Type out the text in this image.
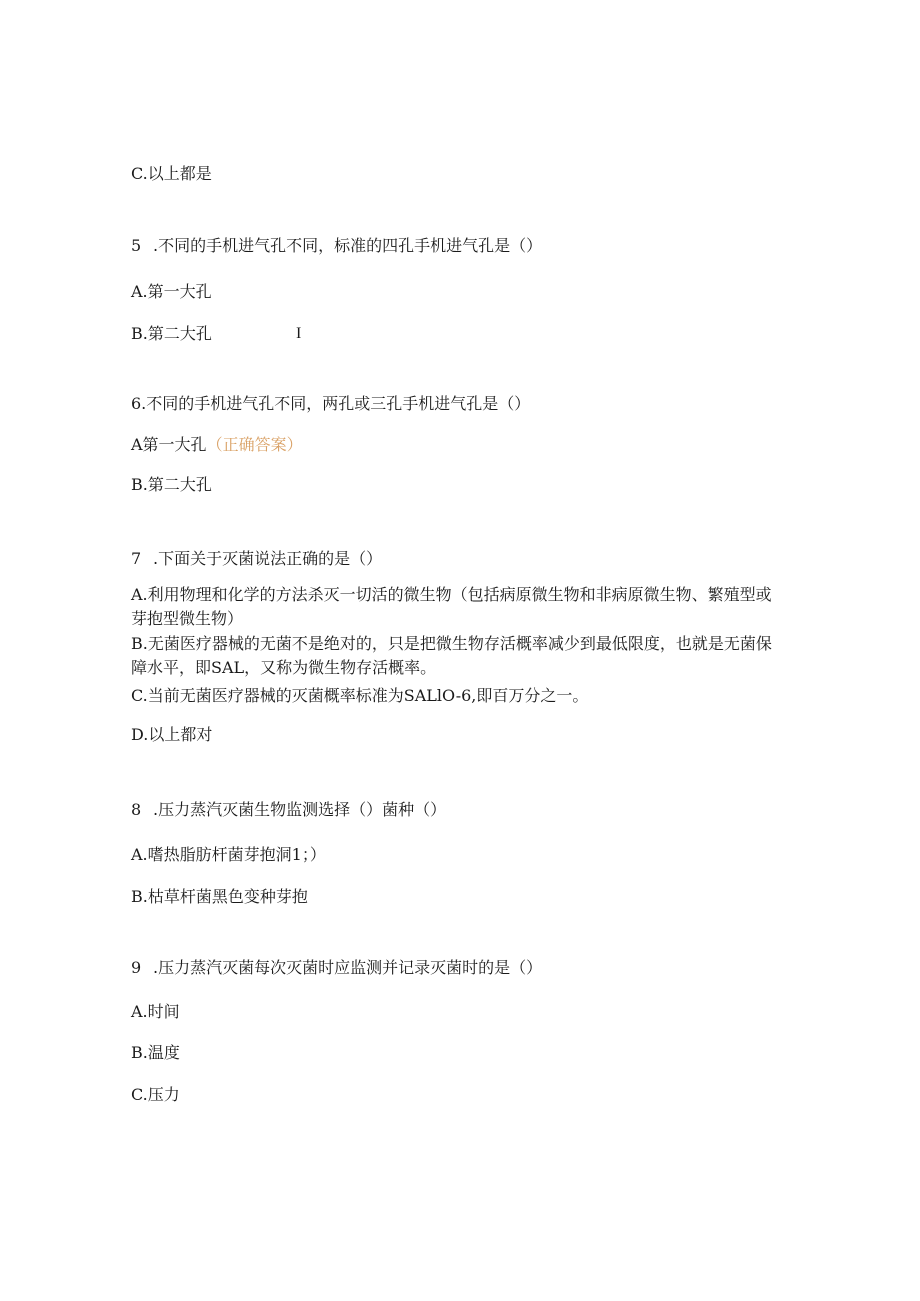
C.以上都是
5 .不同的手机进气孔不同，标准的四孔手机进气孔是（）
A.第一大孔
B.第二大孔	I
6.不同的手机进气孔不同，两孔或三孔手机进气孔是（）
A第一大孔（正确答案）
B.第二大孔
7 .下面关于灭菌说法正确的是（）
A.利用物理和化学的方法杀灭一切活的微生物（包括病原微生物和非病原微生物、繁殖型或芽抱型微生物）
B.无菌医疗器械的无菌不是绝对的，只是把微生物存活概率减少到最低限度，也就是无菌保障水平，即SAL，又称为微生物存活概率。
C.当前无菌医疗器械的灭菌概率标准为SALlO-6,即百万分之一。
D.以上都对
8 .压力蒸汽灭菌生物监测选择（）菌种（）
A.嗜热脂肪杆菌芽抱洞1；）
B.枯草杆菌黑色变种芽抱
9 .压力蒸汽灭菌每次灭菌时应监测并记录灭菌时的是（）
A.时间
B.温度
C.压力
